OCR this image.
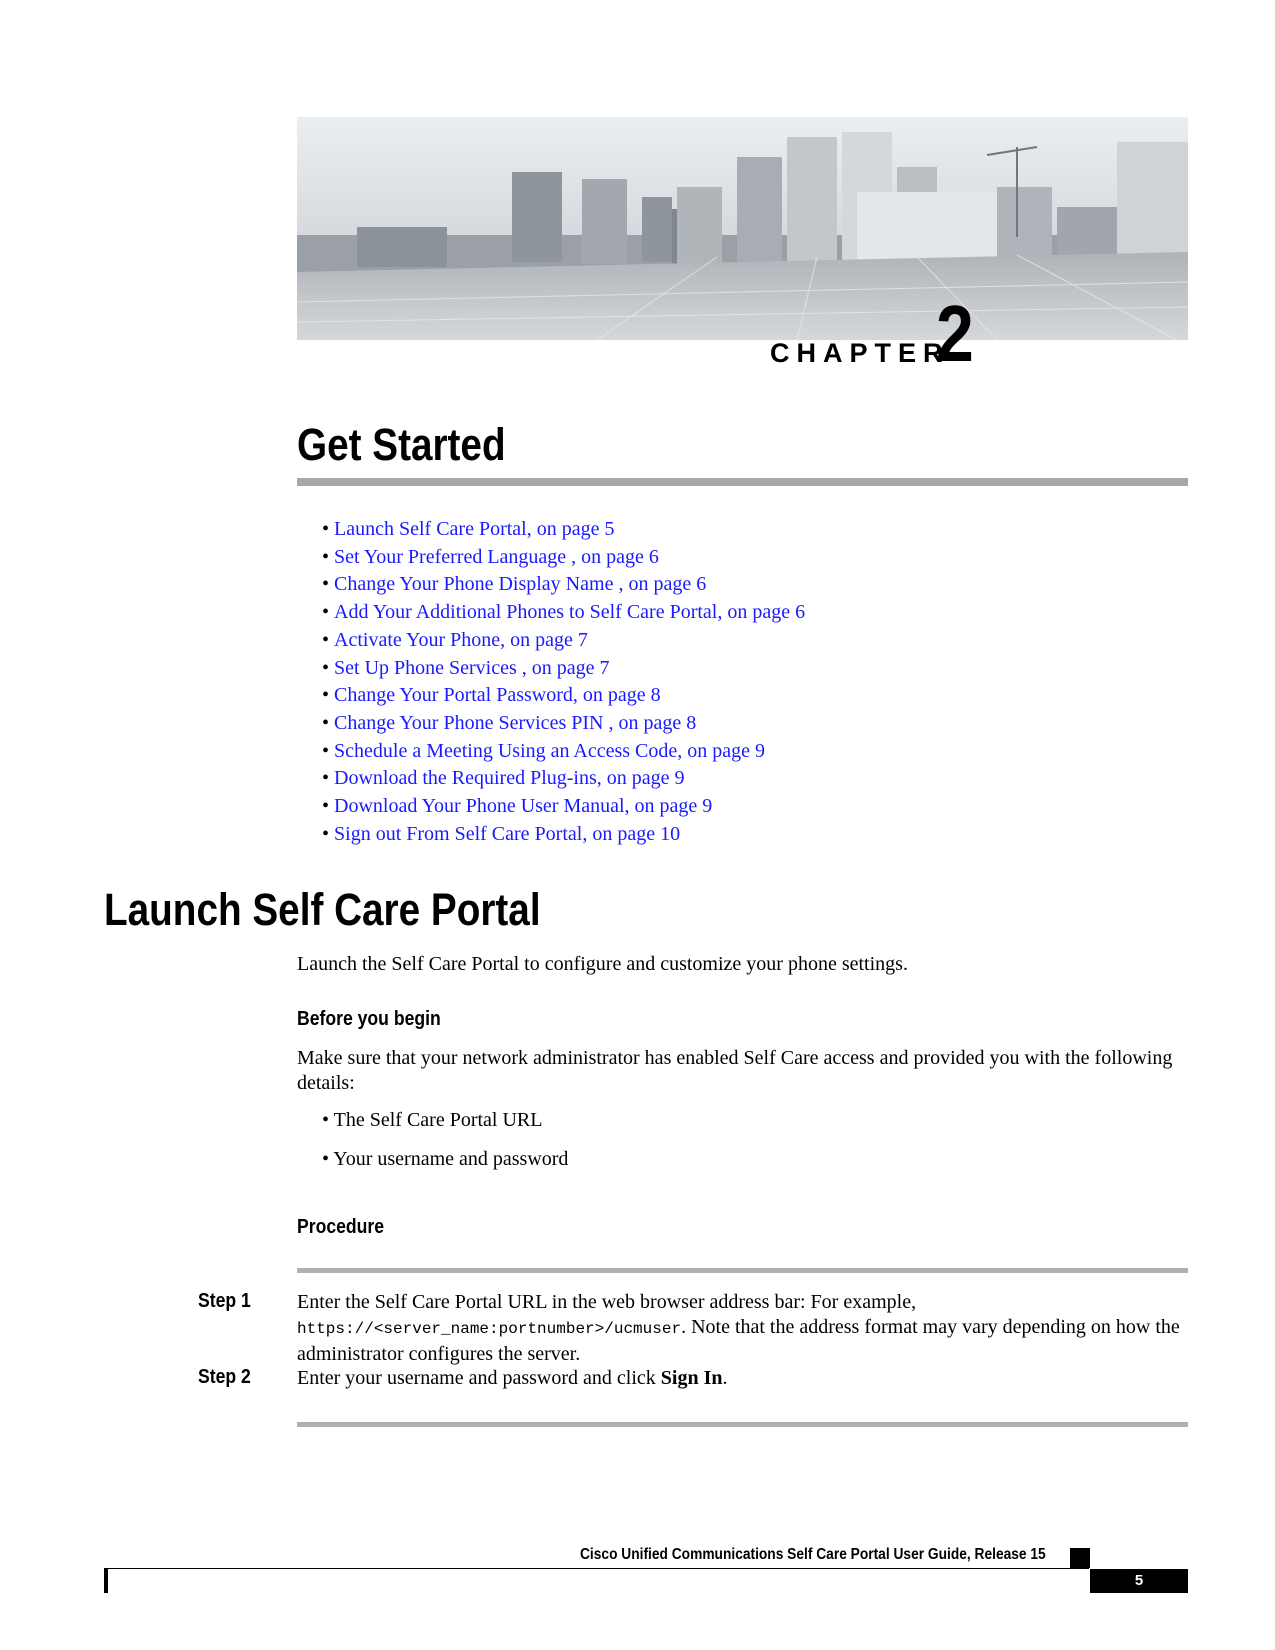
CHAPTER
2
Get Started
• Launch Self Care Portal, on page 5
• Set Your Preferred Language , on page 6
• Change Your Phone Display Name , on page 6
• Add Your Additional Phones to Self Care Portal, on page 6
• Activate Your Phone, on page 7
• Set Up Phone Services , on page 7
• Change Your Portal Password, on page 8
• Change Your Phone Services PIN , on page 8
• Schedule a Meeting Using an Access Code, on page 9
• Download the Required Plug-ins, on page 9
• Download Your Phone User Manual, on page 9
• Sign out From Self Care Portal, on page 10
Launch Self Care Portal

Launch the Self Care Portal to configure and customize your phone settings.

Before you begin

Make sure that your network administrator has enabled Self Care access and provided you with the following details:

• The Self Care Portal URL
• Your username and password
Procedure
Step 1 Enter the Self Care Portal URL in the web browser address bar: For example,
https://<server_name:portnumber>/ucmuser. Note that the address format may vary depending on how the administrator configures the server.

Step 2 Enter your username and password and click Sign In.

Cisco Unified Communications Self Care Portal User Guide, Release 15
5
